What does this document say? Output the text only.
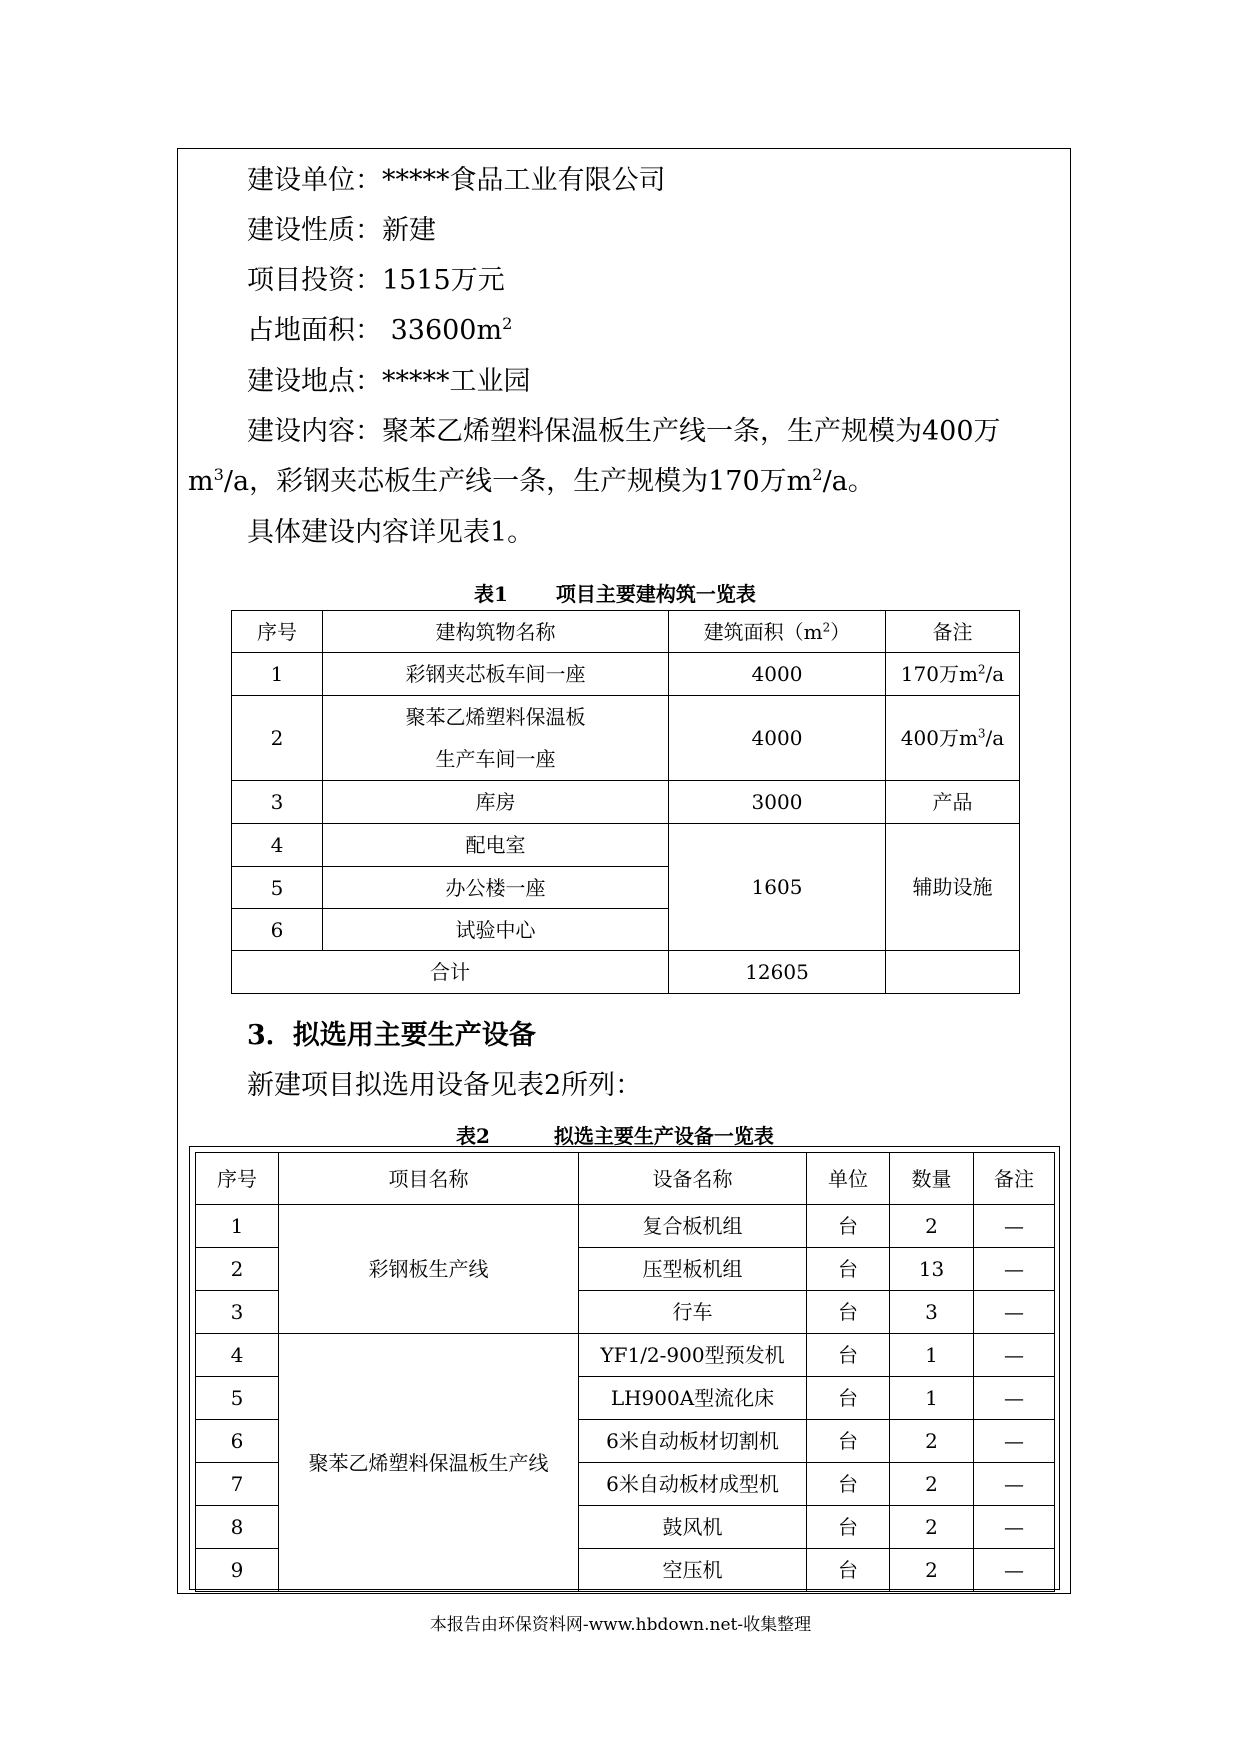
建设单位：*****食品工业有限公司
建设性质：新建
项目投资：1515万元
占地面积： $33600m^2$
建设地点：*****工业园
建设内容：聚苯乙烯塑料保温板生产线一条，生产规模为400万
$m^3/a$，彩钢夹芯板生产线一条，生产规模为170万$m^2/a$。
具体建设内容详见表1。
表1 项目主要建构筑一览表
序号	建构筑物名称	建筑面积$(m^2)$	备注
1	彩钢夹芯板车间一座	4000	170万$m^2/a$
2	聚苯乙烯塑料保温板
生产车间一座	4000	400万$m^3/a$
3	库房	3000	产品
4	配电室	1605	辅助设施
5	办公楼一座		
6	试验中心		
合计		12605	
3．拟选用主要生产设备
新建项目拟选用设备见表2所列：
表2	拟选主要生产设备一览表
序号	项目名称	设备名称	单位	数量	备注
1	彩钢板生产线	复合板机组	台	2	—
2		压型板机组	台	13	—
3		行车	台	3	—
4	聚苯乙烯塑料保温板生产线	YF1/2-900型预发机	台	1	—
5		LH900A型流化床	台	1	—
6		6米自动板材切割机	台	2	—
7		6米自动板材成型机	台	2	—
8		鼓风机	台	2	—
9		空压机	台	2	—
本报告由环保资料网-www.hbdown.net-收集整理
